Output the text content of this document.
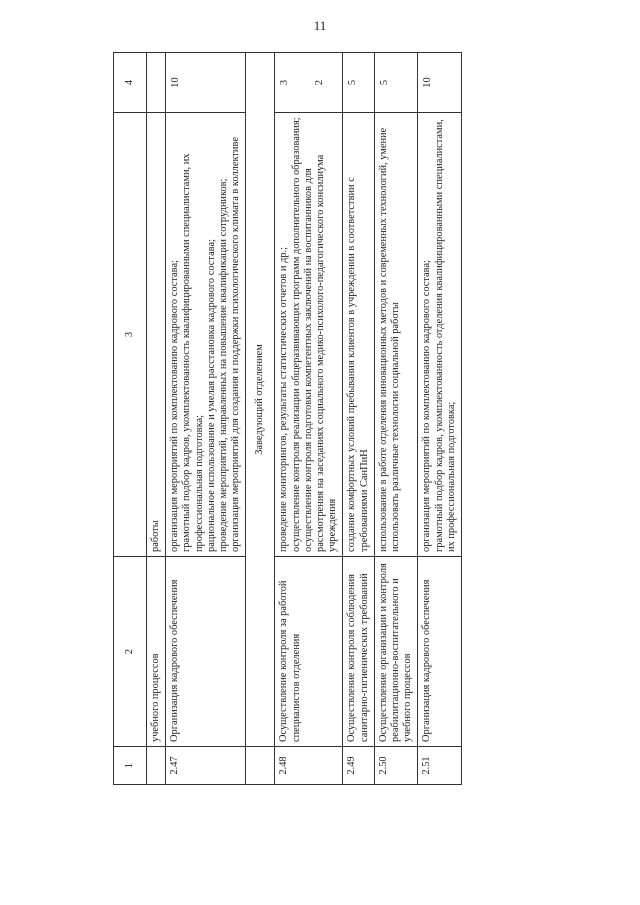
11
1	2	3	4
	учебного процессов	работы	
2.47	Организация кадрового обеспечения	организация мероприятий по комплектованию кадрового состава; грамотный подбор кадров, укомплектованность квалифицированными специалистами, их профессиональная подготовка; рациональное использование и умелая расстановка кадрового состава; проведение мероприятий, направленных на повышение квалификации сотрудников; организация мероприятий для создания и поддержки психологического климата в коллективе	10
	Заведующий отделением		
2.48	Осуществление контроля за работой специалистов отделения	проведение мониторингов, результаты статистических отчетов и др.; осуществление контроля реализации общеразвивающих программ дополнительного образования; осуществление контроля подготовки компетентных заключений на воспитанников для рассмотрения на заседаниях социального медико-психолого-педагогического консилиума учреждения	3 2

2.49	Осуществление контроля соблюдения санитарно-гигиенических требований	создание комфортных условий пребывания клиентов в учреждении в соответствии с требованиями СанПиН	5
2.50	Осуществление организации и контроля реабилитационно-воспитательного и учебного процессов	использование в работе отделения инновационных методов и современных технологий, умение использовать различные технологии социальной работы	5
2.51	Организация кадрового обеспечения	организация мероприятий по комплектованию кадрового состава; грамотный подбор кадров, укомплектованность отделения квалифицированными специалистами, их профессиональная подготовка;	10
